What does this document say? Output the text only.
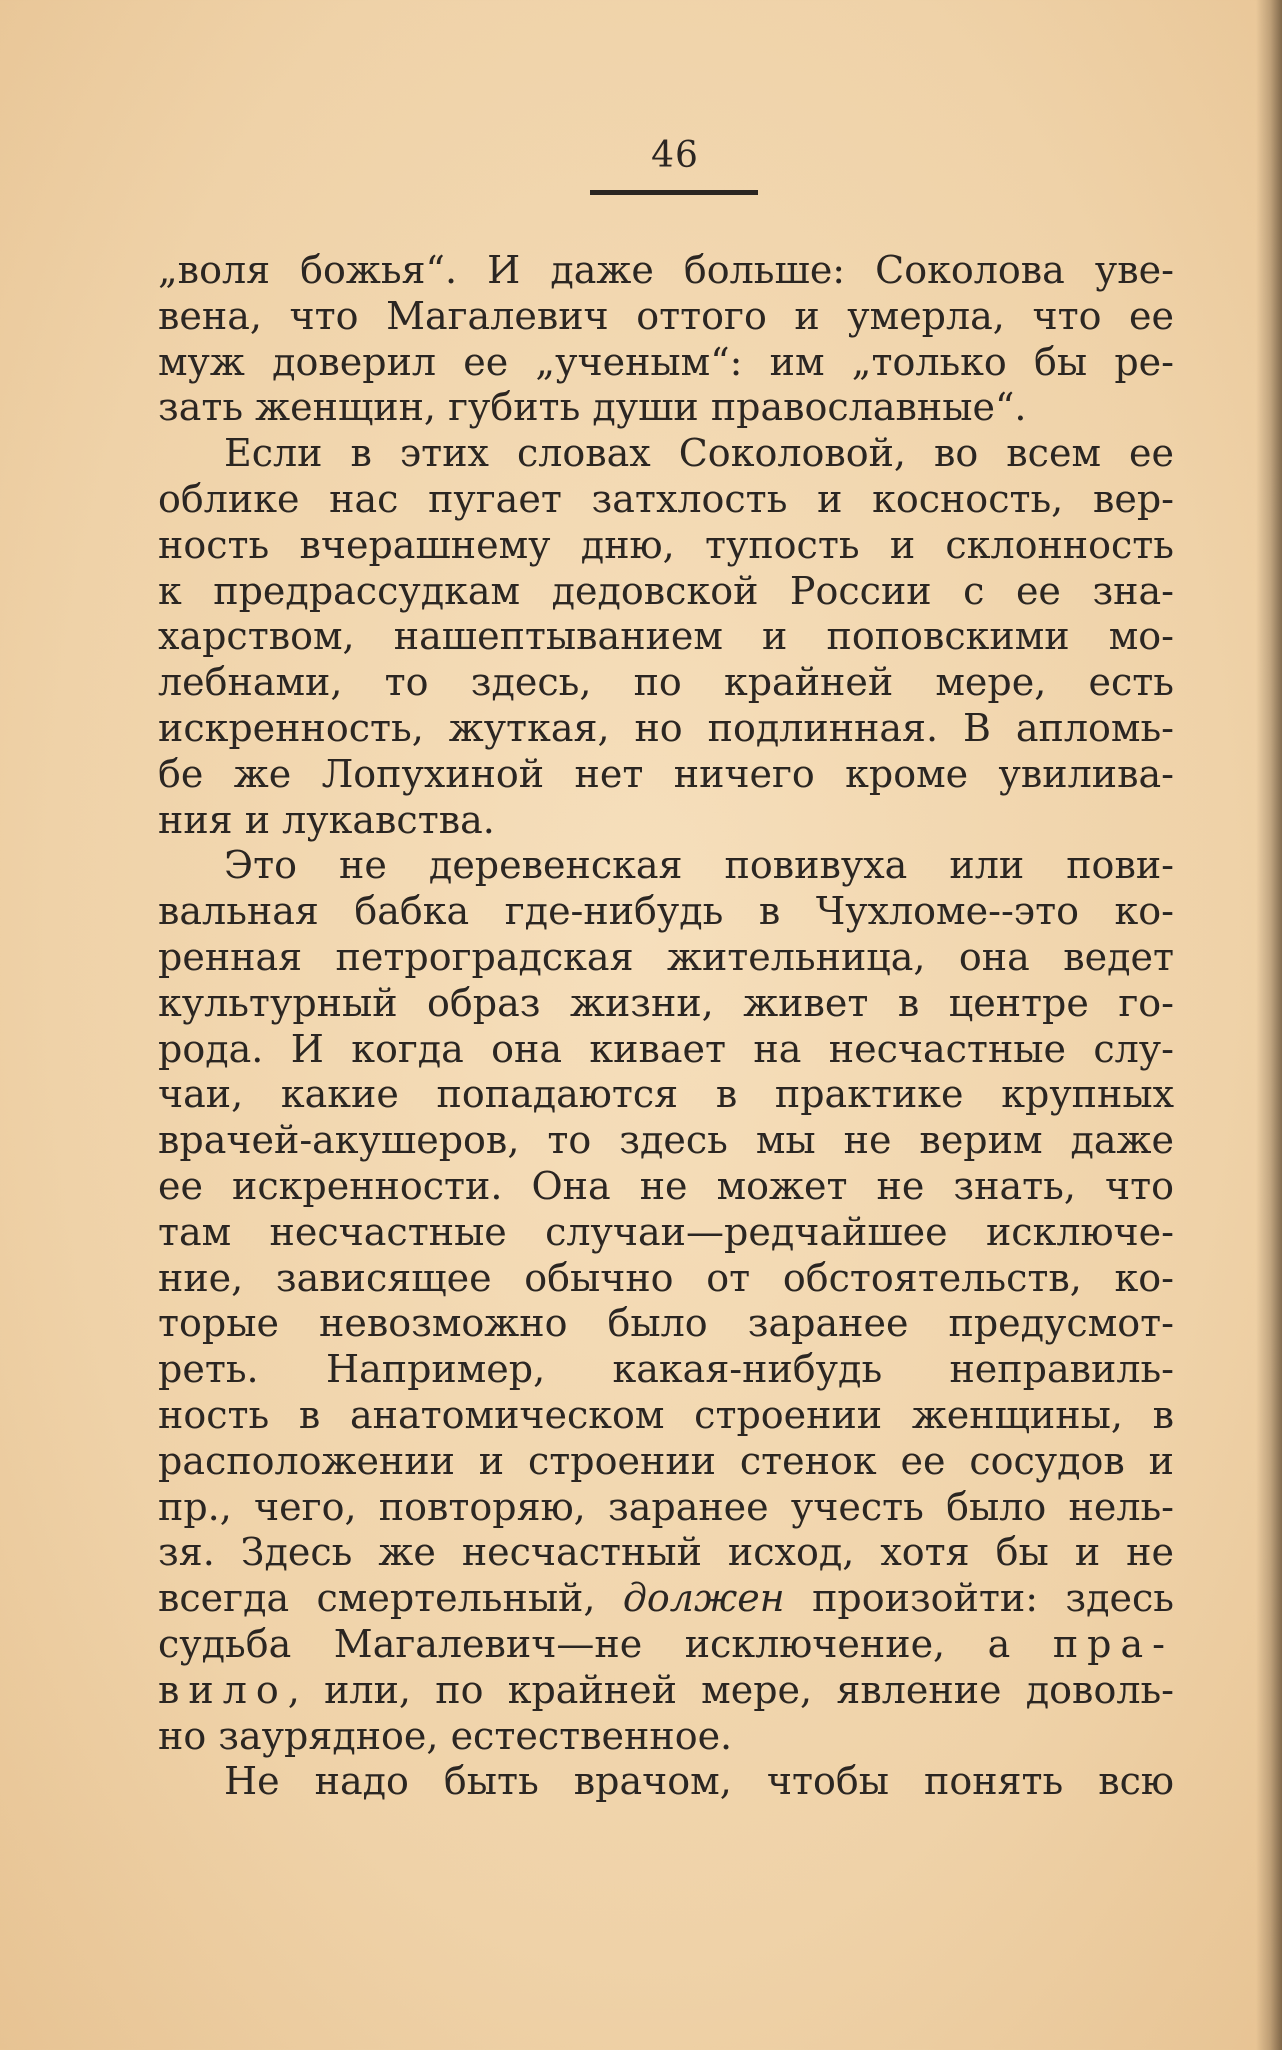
46
„воля божья“. И даже больше: Соколова уве-
вена, что Магалевич оттого и умерла, что ее
муж доверил ее „ученым“: им „только бы ре-
зать женщин, губить души православные“.
Если в этих словах Соколовой, во всем ее
облике нас пугает затхлость и косность, вер-
ность вчерашнему дню, тупость и склонность
к предрассудкам дедовской России с ее зна-
харством, нашептыванием и поповскими мо-
лебнами, то здесь, по крайней мере, есть
искренность, жуткая, но подлинная. В апломь-
бе же Лопухиной нет ничего кроме увилива-
ния и лукавства.
Это не деревенская повивуха или пови-
вальная бабка где-нибудь в Чухломе--это ко-
ренная петроградская жительница, она ведет
культурный образ жизни, живет в центре го-
рода. И когда она кивает на несчастные слу-
чаи, какие попадаются в практике крупных
врачей-акушеров, то здесь мы не верим даже
ее искренности. Она не может не знать, что
там несчастные случаи—редчайшее исключе-
ние, зависящее обычно от обстоятельств, ко-
торые невозможно было заранее предусмот-
реть. Например, какая-нибудь неправиль-
ность в анатомическом строении женщины, в
расположении и строении стенок ее сосудов и
пр., чего, повторяю, заранее учесть было нель-
зя. Здесь же несчастный исход, хотя бы и не
всегда смертельный, должен произойти: здесь
судьба Магалевич—не исключение, а пра-
вило, или, по крайней мере, явление доволь-
но заурядное, естественное.
Не надо быть врачом, чтобы понять всю
